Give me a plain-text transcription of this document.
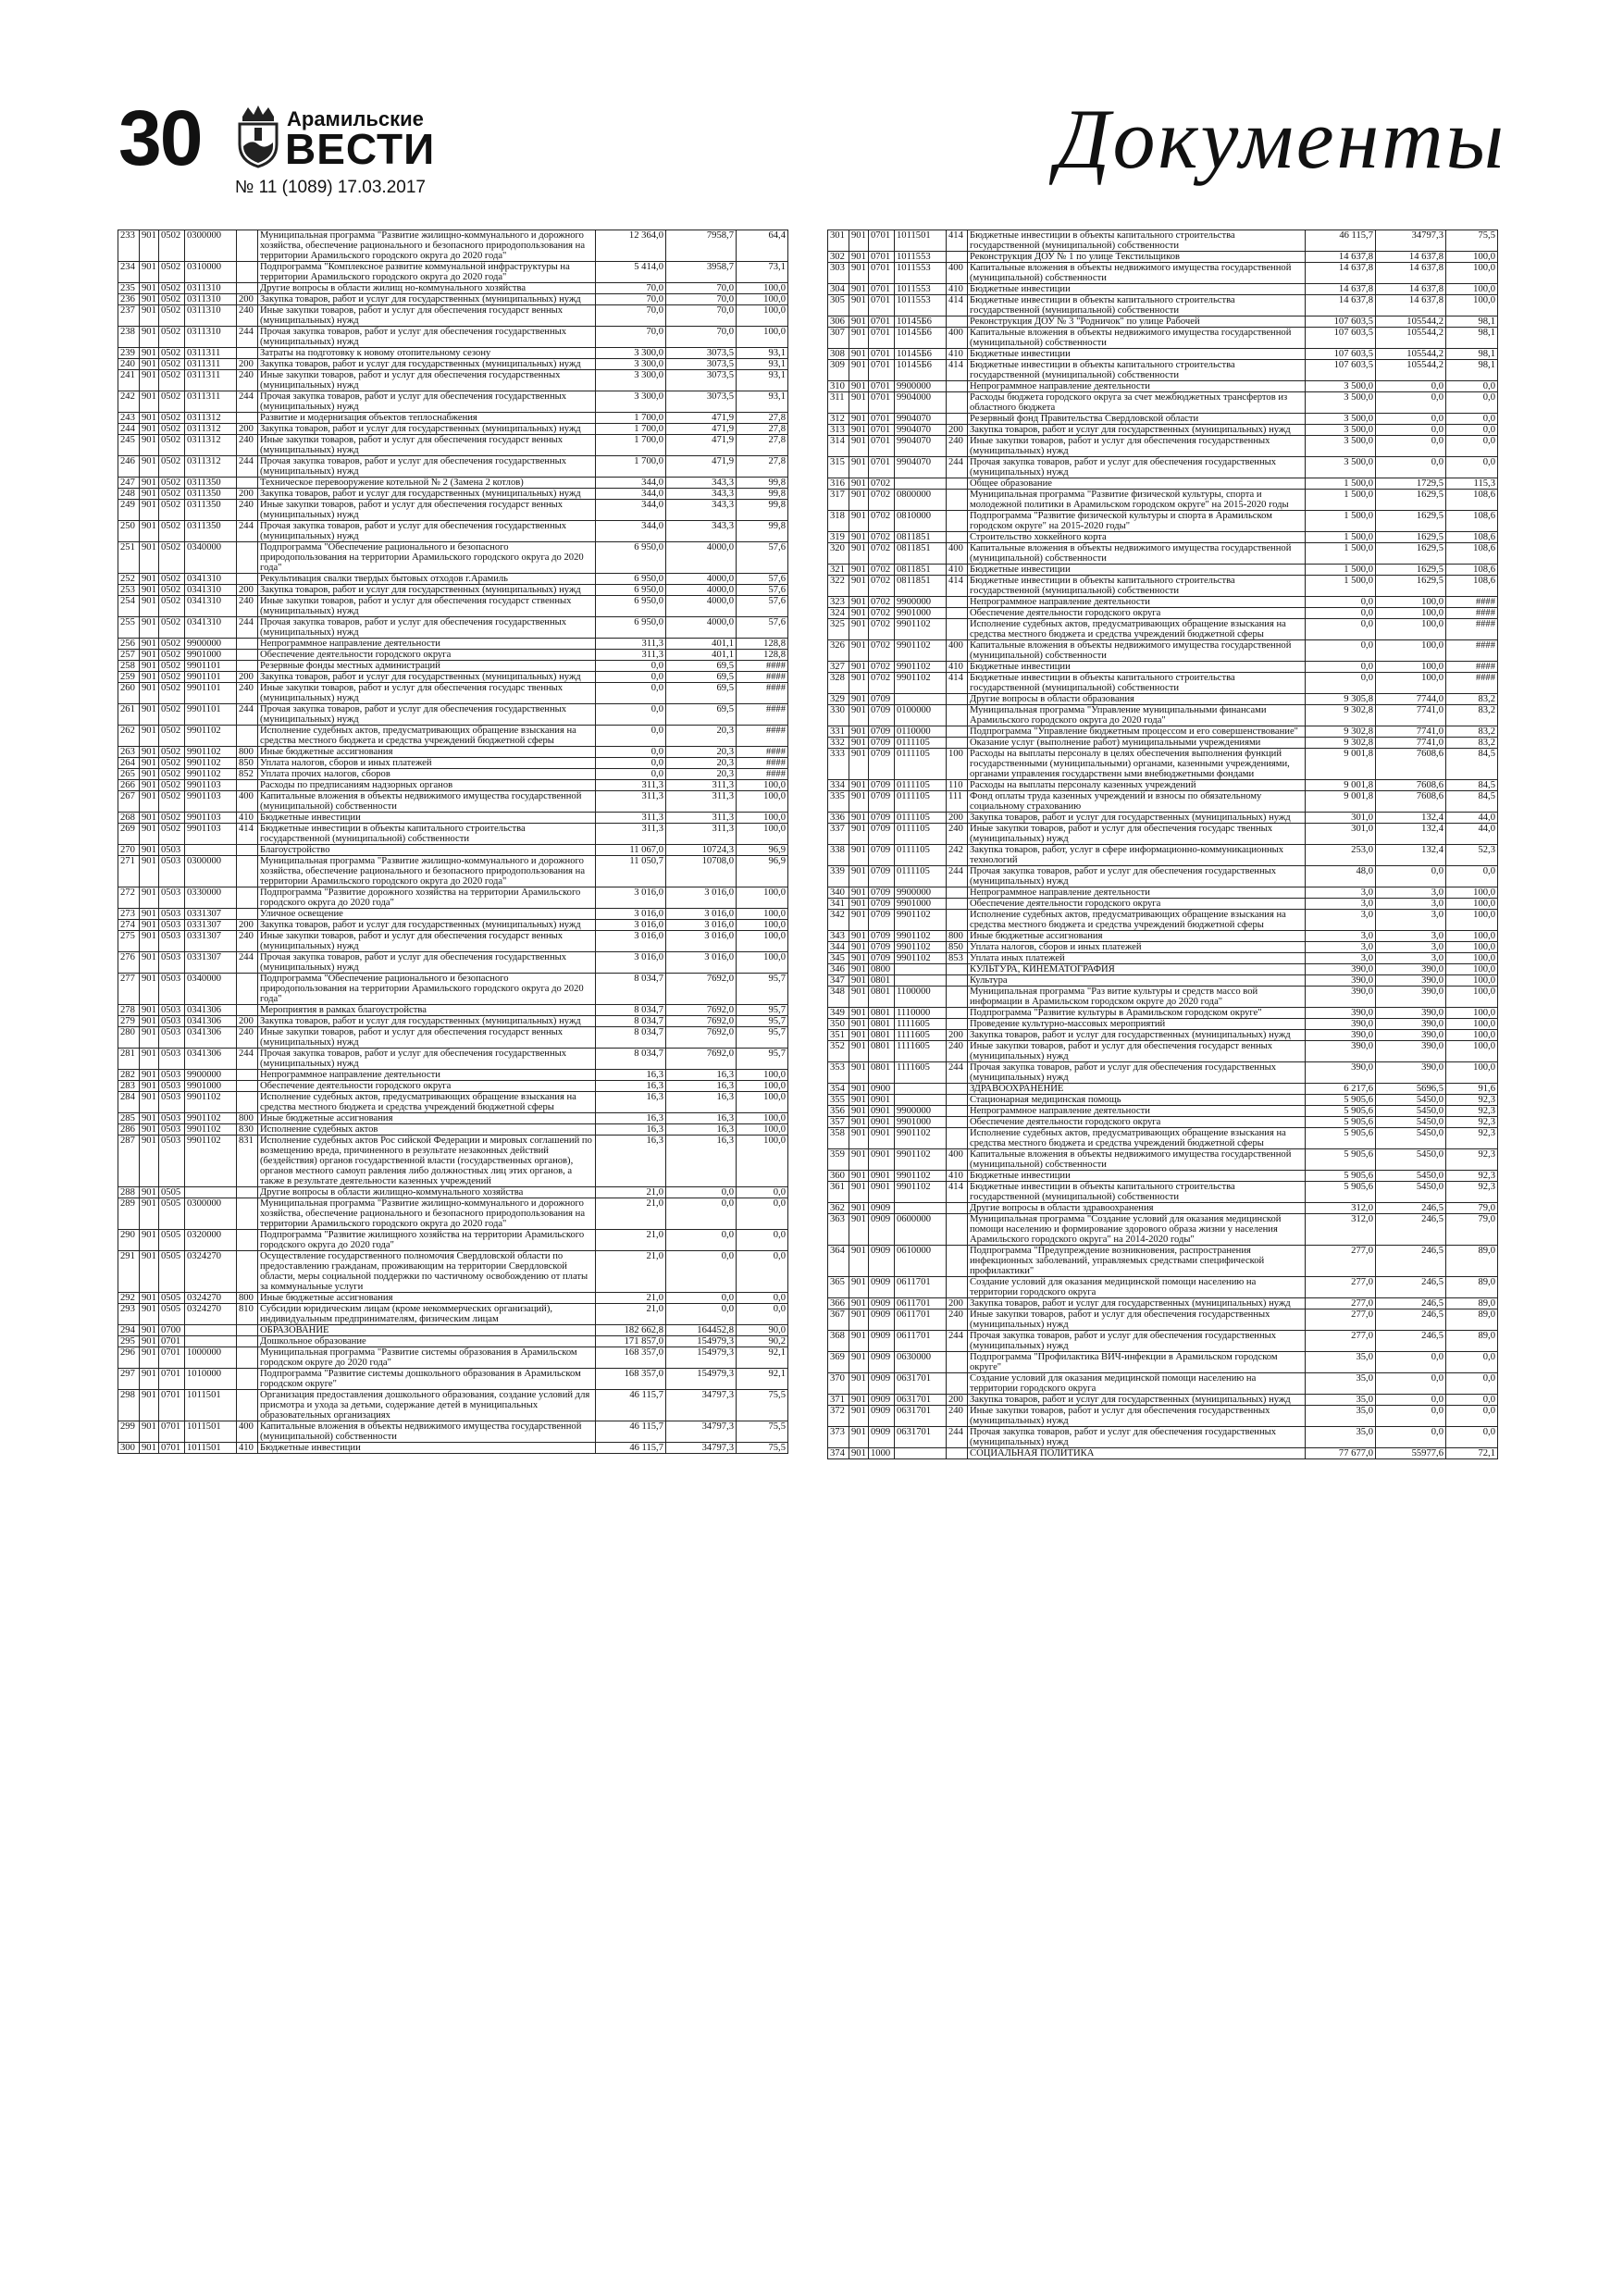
30	Арамильские
ВЕСТИ
№ 11 (1089) 17.03.2017
Документы
233	901	0502	0300000		Муниципальная программа "Развитие жилищно-коммунального и дорожного хозяйства, обеспечение рационального и безопасного природопользования на территории Арамильского городского округа до 2020 года"	12 364,0	7958,7	64,4
234	901	0502	0310000		Подпрограмма "Комплексное развитие коммунальной инфраструктуры на территории Арамильского городского округа до 2020 года"	5 414,0	3958,7	73,1
235	901	0502	0311310		Другие вопросы в области жилищ но-коммунального хозяйства	70,0	70,0	100,0
236	901	0502	0311310	200	Закупка товаров, работ и услуг для государственных (муниципальных) нужд	70,0	70,0	100,0
237	901	0502	0311310	240	Иные закупки товаров, работ и услуг для обеспечения государст венных (муниципальных) нужд	70,0	70,0	100,0
238	901	0502	0311310	244	Прочая закупка товаров, работ и услуг для обеспечения государственных (муниципальных) нужд	70,0	70,0	100,0
239	901	0502	0311311		Затраты на подготовку к новому отопительному сезону	3 300,0	3073,5	93,1
240	901	0502	0311311	200	Закупка товаров, работ и услуг для государственных (муниципальных) нужд	3 300,0	3073,5	93,1
241	901	0502	0311311	240	Иные закупки товаров, работ и услуг для обеспечения государственных (муниципальных) нужд	3 300,0	3073,5	93,1
242	901	0502	0311311	244	Прочая закупка товаров, работ и услуг для обеспечения государственных (муниципальных) нужд	3 300,0	3073,5	93,1
243	901	0502	0311312		Развитие и модернизация объектов теплоснабжения	1 700,0	471,9	27,8
244	901	0502	0311312	200	Закупка товаров, работ и услуг для государственных (муниципальных) нужд	1 700,0	471,9	27,8
245	901	0502	0311312	240	Иные закупки товаров, работ и услуг для обеспечения государст венных (муниципальных) нужд	1 700,0	471,9	27,8
246	901	0502	0311312	244	Прочая закупка товаров, работ и услуг для обеспечения государственных (муниципальных) нужд	1 700,0	471,9	27,8
247	901	0502	0311350		Техническое перевооружение котельной № 2 (Замена 2 котлов)	344,0	343,3	99,8
248	901	0502	0311350	200	Закупка товаров, работ и услуг для государственных (муниципальных) нужд	344,0	343,3	99,8
249	901	0502	0311350	240	Иные закупки товаров, работ и услуг для обеспечения государст венных (муниципальных) нужд	344,0	343,3	99,8
250	901	0502	0311350	244	Прочая закупка товаров, работ и услуг для обеспечения государственных (муниципальных) нужд	344,0	343,3	99,8
251	901	0502	0340000		Подпрограмма "Обеспечение рационального и безопасного природопользования на территории Арамильского городского округа до 2020 года"	6 950,0	4000,0	57,6
252	901	0502	0341310		Рекультивация свалки твердых бытовых отходов г.Арамиль	6 950,0	4000,0	57,6
253	901	0502	0341310	200	Закупка товаров, работ и услуг для государственных (муниципальных) нужд	6 950,0	4000,0	57,6
254	901	0502	0341310	240	Иные закупки товаров, работ и услуг для обеспечения государст ственных (муниципальных) нужд	6 950,0	4000,0	57,6
255	901	0502	0341310	244	Прочая закупка товаров, работ и услуг для обеспечения государственных (муниципальных) нужд	6 950,0	4000,0	57,6
256	901	0502	9900000		Непрограммное направление деятельности	311,3	401,1	128,8
257	901	0502	9901000		Обеспечение деятельности городского округа	311,3	401,1	128,8
258	901	0502	9901101		Резервные фонды местных администраций	0,0	69,5	####
259	901	0502	9901101	200	Закупка товаров, работ и услуг для государственных (муниципальных) нужд	0,0	69,5	####
260	901	0502	9901101	240	Иные закупки товаров, работ и услуг для обеспечения государс твенных (муниципальных) нужд	0,0	69,5	####
261	901	0502	9901101	244	Прочая закупка товаров, работ и услуг для обеспечения государственных (муниципальных) нужд	0,0	69,5	####
262	901	0502	9901102		Исполнение судебных актов, предусматривающих обращение взыскания на средства местного бюджета и средства учреждений бюджетной сферы	0,0	20,3	####
263	901	0502	9901102	800	Иные бюджетные ассигнования	0,0	20,3	####
264	901	0502	9901102	850	Уплата налогов, сборов и иных платежей	0,0	20,3	####
265	901	0502	9901102	852	Уплата прочих налогов, сборов	0,0	20,3	####
266	901	0502	9901103		Расходы по предписаниям надзорных органов	311,3	311,3	100,0
267	901	0502	9901103	400	Капитальные вложения в объекты недвижимого имущества государственной (муниципальной) собственности	311,3	311,3	100,0
268	901	0502	9901103	410	Бюджетные инвестиции	311,3	311,3	100,0
269	901	0502	9901103	414	Бюджетные инвестиции в объекты капитального строительства государственной (муниципальной) собственности	311,3	311,3	100,0
270	901	0503			Благоустройство	11 067,0	10724,3	96,9
271	901	0503	0300000		Муниципальная программа "Развитие жилищно-коммунального и дорожного хозяйства, обеспечение рационального и безопасного природопользования на территории Арамильского городского округа до 2020 года"	11 050,7	10708,0	96,9
272	901	0503	0330000		Подпрограмма "Развитие дорожного хозяйства на территории Арамильского городского округа до 2020 года"	3 016,0	3 016,0	100,0
273	901	0503	0331307		Уличное освещение	3 016,0	3 016,0	100,0
274	901	0503	0331307	200	Закупка товаров, работ и услуг для государственных (муниципальных) нужд	3 016,0	3 016,0	100,0
275	901	0503	0331307	240	Иные закупки товаров, работ и услуг для обеспечения государст венных (муниципальных) нужд	3 016,0	3 016,0	100,0
276	901	0503	0331307	244	Прочая закупка товаров, работ и услуг для обеспечения государственных (муниципальных) нужд	3 016,0	3 016,0	100,0
277	901	0503	0340000		Подпрограмма "Обеспечение рационального и безопасного природопользования на территории Арамильского городского округа до 2020 года"	8 034,7	7692,0	95,7
278	901	0503	0341306		Мероприятия в рамках благоустройства	8 034,7	7692,0	95,7
279	901	0503	0341306	200	Закупка товаров, работ и услуг для государственных (муниципальных) нужд	8 034,7	7692,0	95,7
280	901	0503	0341306	240	Иные закупки товаров, работ и услуг для обеспечения государст венных (муниципальных) нужд	8 034,7	7692,0	95,7
281	901	0503	0341306	244	Прочая закупка товаров, работ и услуг для обеспечения государственных (муниципальных) нужд	8 034,7	7692,0	95,7
282	901	0503	9900000		Непрограммное направление деятельности	16,3	16,3	100,0
283	901	0503	9901000		Обеспечение деятельности городского округа	16,3	16,3	100,0
284	901	0503	9901102		Исполнение судебных актов, предусматривающих обращение взыскания на средства местного бюджета и средства учреждений бюджетной сферы	16,3	16,3	100,0
285	901	0503	9901102	800	Иные бюджетные ассигнования	16,3	16,3	100,0
286	901	0503	9901102	830	Исполнение судебных актов	16,3	16,3	100,0
287	901	0503	9901102	831	Исполнение судебных актов Рос сийской Федерации и мировых соглашений по возмещению вреда, причиненного в результате незаконных действий (бездействия) органов государственной власти (государственных органов), органов местного самоуп равления либо должностных лиц этих органов, а также в результате деятельности казенных учреждений	16,3	16,3	100,0
288	901	0505			Другие вопросы в области жилищно-коммунального хозяйства	21,0	0,0	0,0
289	901	0505	0300000		Муниципальная программа "Развитие жилищно-коммунального и дорожного хозяйства, обеспечение рационального и безопасного природопользования на территории Арамильского городского округа до 2020 года"	21,0	0,0	0,0
290	901	0505	0320000		Подпрограмма "Развитие жилищного хозяйства на территории Арамильского городского округа до 2020 года"	21,0	0,0	0,0
291	901	0505	0324270		Осуществление государственного полномочия Свердловской области по предоставлению гражданам, проживающим на территории Свердловской области, меры социальной поддержки по частичному освобождению от платы за коммунальные услуги	21,0	0,0	0,0
292	901	0505	0324270	800	Иные бюджетные ассигнования	21,0	0,0	0,0
293	901	0505	0324270	810	Субсидии юридическим лицам (кроме некоммерческих организаций), индивидуальным предпринимателям, физическим лицам	21,0	0,0	0,0
294	901	0700			ОБРАЗОВАНИЕ	182 662,8	164452,8	90,0
295	901	0701			Дошкольное образование	171 857,0	154979,3	90,2
296	901	0701	1000000		Муниципальная программа "Развитие системы образования в Арамильском городском округе до 2020 года"	168 357,0	154979,3	92,1
297	901	0701	1010000		Подпрограмма "Развитие системы дошкольного образования в Арамильском городском округе"	168 357,0	154979,3	92,1
298	901	0701	1011501		Организация предоставления дошкольного образования, создание условий для присмотра и ухода за детьми, содержание детей в муниципальных образовательных организациях	46 115,7	34797,3	75,5
299	901	0701	1011501	400	Капитальные вложения в объекты недвижимого имущества государственной (муниципальной) собственности	46 115,7	34797,3	75,5
300	901	0701	1011501	410	Бюджетные инвестиции	46 115,7	34797,3	75,5
301	901	0701	1011501	414	Бюджетные инвестиции в объекты капитального строительства государственной (муниципальной) собственности	46 115,7	34797,3	75,5
302	901	0701	1011553		Реконструкция ДОУ № 1 по улице Текстильщиков	14 637,8	14 637,8	100,0
303	901	0701	1011553	400	Капитальные вложения в объекты недвижимого имущества государственной (муниципальной) собственности	14 637,8	14 637,8	100,0
304	901	0701	1011553	410	Бюджетные инвестиции	14 637,8	14 637,8	100,0
305	901	0701	1011553	414	Бюджетные инвестиции в объекты капитального строительства государственной (муниципальной) собственности	14 637,8	14 637,8	100,0
306	901	0701	10145Б6		Реконструкция ДОУ № 3 "Родничок" по улице Рабочей	107 603,5	105544,2	98,1
307	901	0701	10145Б6	400	Капитальные вложения в объекты недвижимого имущества государственной (муниципальной) собственности	107 603,5	105544,2	98,1
308	901	0701	10145Б6	410	Бюджетные инвестиции	107 603,5	105544,2	98,1
309	901	0701	10145Б6	414	Бюджетные инвестиции в объекты капитального строительства государственной (муниципальной) собственности	107 603,5	105544,2	98,1
310	901	0701	9900000		Непрограммное направление деятельности	3 500,0	0,0	0,0
311	901	0701	9904000		Расходы бюджета городского округа за счет межбюджетных трансфертов из областного бюджета	3 500,0	0,0	0,0
312	901	0701	9904070		Резервный фонд Правительства Свердловской области	3 500,0	0,0	0,0
313	901	0701	9904070	200	Закупка товаров, работ и услуг для государственных (муниципальных) нужд	3 500,0	0,0	0,0
314	901	0701	9904070	240	Иные закупки товаров, работ и услуг для обеспечения государственных (муниципальных) нужд	3 500,0	0,0	0,0
315	901	0701	9904070	244	Прочая закупка товаров, работ и услуг для обеспечения государственных (муниципальных) нужд	3 500,0	0,0	0,0
316	901	0702			Общее образование	1 500,0	1729,5	115,3
317	901	0702	0800000		Муниципальная программа "Развитие физической культуры, спорта и молодежной политики в Арамильском городском округе" на 2015-2020 годы	1 500,0	1629,5	108,6
318	901	0702	0810000		Подпрограмма "Развитие физической культуры и спорта в Арамильском городском округе" на 2015-2020 годы"	1 500,0	1629,5	108,6
319	901	0702	0811851		Строительство хоккейного корта	1 500,0	1629,5	108,6
320	901	0702	0811851	400	Капитальные вложения в объекты недвижимого имущества государственной (муниципальной) собственности	1 500,0	1629,5	108,6
321	901	0702	0811851	410	Бюджетные инвестиции	1 500,0	1629,5	108,6
322	901	0702	0811851	414	Бюджетные инвестиции в объекты капитального строительства государственной (муниципальной) собственности	1 500,0	1629,5	108,6
323	901	0702	9900000		Непрограммное направление деятельности	0,0	100,0	####
324	901	0702	9901000		Обеспечение деятельности городского округа	0,0	100,0	####
325	901	0702	9901102		Исполнение судебных актов, предусматривающих обращение взыскания на средства местного бюджета и средства учреждений бюджетной сферы	0,0	100,0	####
326	901	0702	9901102	400	Капитальные вложения в объекты недвижимого имущества государственной (муниципальной) собственности	0,0	100,0	####
327	901	0702	9901102	410	Бюджетные инвестиции	0,0	100,0	####
328	901	0702	9901102	414	Бюджетные инвестиции в объекты капитального строительства государственной (муниципальной) собственности	0,0	100,0	####
329	901	0709			Другие вопросы в области образования	9 305,8	7744,0	83,2
330	901	0709	0100000		Муниципальная программа "Управление муниципальными финансами Арамильского городского округа до 2020 года"	9 302,8	7741,0	83,2
331	901	0709	0110000		Подпрограмма "Управление бюджетным процессом и его совершенствование"	9 302,8	7741,0	83,2
332	901	0709	0111105		Оказание услуг (выполнение работ) муниципальными учреждениями	9 302,8	7741,0	83,2
333	901	0709	0111105	100	Расходы на выплаты персоналу в целях обеспечения выполнения функций государственными (муниципальными) органами, казенными учреждениями, органами управления государственн ыми внебюджетными фондами	9 001,8	7608,6	84,5
334	901	0709	0111105	110	Расходы на выплаты персоналу казенных учреждений	9 001,8	7608,6	84,5
335	901	0709	0111105	111	Фонд оплаты труда казенных учреждений и взносы по обязательному социальному страхованию	9 001,8	7608,6	84,5
336	901	0709	0111105	200	Закупка товаров, работ и услуг для государственных (муниципальных) нужд	301,0	132,4	44,0
337	901	0709	0111105	240	Иные закупки товаров, работ и услуг для обеспечения государс твенных (муниципальных) нужд	301,0	132,4	44,0
338	901	0709	0111105	242	Закупка товаров, работ, услуг в сфере информационно-коммуникационных технологий	253,0	132,4	52,3
339	901	0709	0111105	244	Прочая закупка товаров, работ и услуг для обеспечения государственных (муниципальных) нужд	48,0	0,0	0,0
340	901	0709	9900000		Непрограммное направление деятельности	3,0	3,0	100,0
341	901	0709	9901000		Обеспечение деятельности городского округа	3,0	3,0	100,0
342	901	0709	9901102		Исполнение судебных актов, предусматривающих обращение взыскания на средства местного бюджета и средства учреждений бюджетной сферы	3,0	3,0	100,0
343	901	0709	9901102	800	Иные бюджетные ассигнования	3,0	3,0	100,0
344	901	0709	9901102	850	Уплата налогов, сборов и иных платежей	3,0	3,0	100,0
345	901	0709	9901102	853	Уплата иных платежей	3,0	3,0	100,0
346	901	0800			КУЛЬТУРА, КИНЕМАТОГРАФИЯ	390,0	390,0	100,0
347	901	0801			Культура	390,0	390,0	100,0
348	901	0801	1100000		Муниципальная программа "Раз витие культуры и средств массо вой информации в Арамильском городском округе до 2020 года"	390,0	390,0	100,0
349	901	0801	1110000		Подпрограмма "Развитие культуры в Арамильском городском округе"	390,0	390,0	100,0
350	901	0801	1111605		Проведение культурно-массовых мероприятий	390,0	390,0	100,0
351	901	0801	1111605	200	Закупка товаров, работ и услуг для государственных (муниципальных) нужд	390,0	390,0	100,0
352	901	0801	1111605	240	Иные закупки товаров, работ и услуг для обеспечения государст венных (муниципальных) нужд	390,0	390,0	100,0
353	901	0801	1111605	244	Прочая закупка товаров, работ и услуг для обеспечения государственных (муниципальных) нужд	390,0	390,0	100,0
354	901	0900			ЗДРАВООХРАНЕНИЕ	6 217,6	5696,5	91,6
355	901	0901			Стационарная медицинская помощь	5 905,6	5450,0	92,3
356	901	0901	9900000		Непрограммное направление деятельности	5 905,6	5450,0	92,3
357	901	0901	9901000		Обеспечение деятельности городского округа	5 905,6	5450,0	92,3
358	901	0901	9901102		Исполнение судебных актов, предусматривающих обращение взыскания на средства местного бюджета и средства учреждений бюджетной сферы	5 905,6	5450,0	92,3
359	901	0901	9901102	400	Капитальные вложения в объекты недвижимого имущества государственной (муниципальной) собственности	5 905,6	5450,0	92,3
360	901	0901	9901102	410	Бюджетные инвестиции	5 905,6	5450,0	92,3
361	901	0901	9901102	414	Бюджетные инвестиции в объекты капитального строительства государственной (муниципальной) собственности	5 905,6	5450,0	92,3
362	901	0909			Другие вопросы в области здравоохранения	312,0	246,5	79,0
363	901	0909	0600000		Муниципальная программа "Создание условий для оказания медицинской помощи населению и формирование здорового образа жизни у населения Арамильского городского округа" на 2014-2020 годы"	312,0	246,5	79,0
364	901	0909	0610000		Подпрограмма "Предупреждение возникновения, распространения инфекционных заболеваний, управляемых средствами специфической профилактики"	277,0	246,5	89,0
365	901	0909	0611701		Создание условий для оказания медицинской помощи населению на территории городского округа	277,0	246,5	89,0
366	901	0909	0611701	200	Закупка товаров, работ и услуг для государственных (муниципальных) нужд	277,0	246,5	89,0
367	901	0909	0611701	240	Иные закупки товаров, работ и услуг для обеспечения государственных (муниципальных) нужд	277,0	246,5	89,0
368	901	0909	0611701	244	Прочая закупка товаров, работ и услуг для обеспечения государственных (муниципальных) нужд	277,0	246,5	89,0
369	901	0909	0630000		Подпрограмма "Профилактика ВИЧ-инфекции в Арамильском городском округе"	35,0	0,0	0,0
370	901	0909	0631701		Создание условий для оказания медицинской помощи населению на территории городского округа	35,0	0,0	0,0
371	901	0909	0631701	200	Закупка товаров, работ и услуг для государственных (муниципальных) нужд	35,0	0,0	0,0
372	901	0909	0631701	240	Иные закупки товаров, работ и услуг для обеспечения государственных (муниципальных) нужд	35,0	0,0	0,0
373	901	0909	0631701	244	Прочая закупка товаров, работ и услуг для обеспечения государственных (муниципальных) нужд	35,0	0,0	0,0
374	901	1000			СОЦИАЛЬНАЯ ПОЛИТИКА	77 677,0	55977,6	72,1
